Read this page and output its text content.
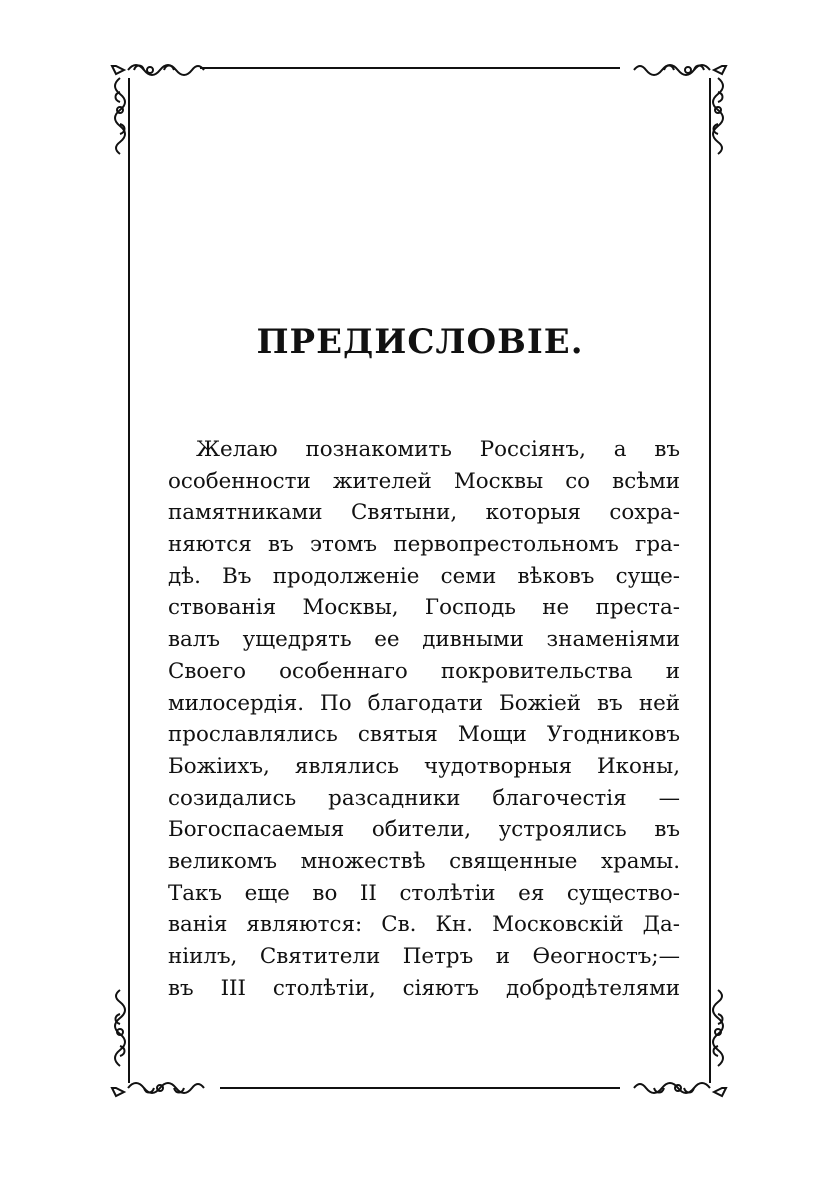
ПРЕДИСЛОВІЕ.
Желаю познакомить Россіянъ, а въ
особенности жителей Москвы со всѣми
памятниками Святыни, которыя сохра-
няются въ этомъ первопрестольномъ гра-
дѣ. Въ продолженіе семи вѣковъ суще-
ствованія Москвы, Господь не преста-
валъ ущедрять ее дивными знаменіями
Своего особеннаго покровительства и
милосердія. По благодати Божіей въ ней
прославлялись святыя Мощи Угодниковъ
Божіихъ, являлись чудотворныя Иконы,
созидались разсадники благочестія —
Богоспасаемыя обители, устроялись въ
великомъ множествѣ священные храмы.
Такъ еще во II столѣтіи ея существо-
ванія являются: Св. Кн. Московскій Да-
ніилъ, Святители Петръ и Ѳеогностъ;—
въ III столѣтіи, сіяютъ добродѣтелями
